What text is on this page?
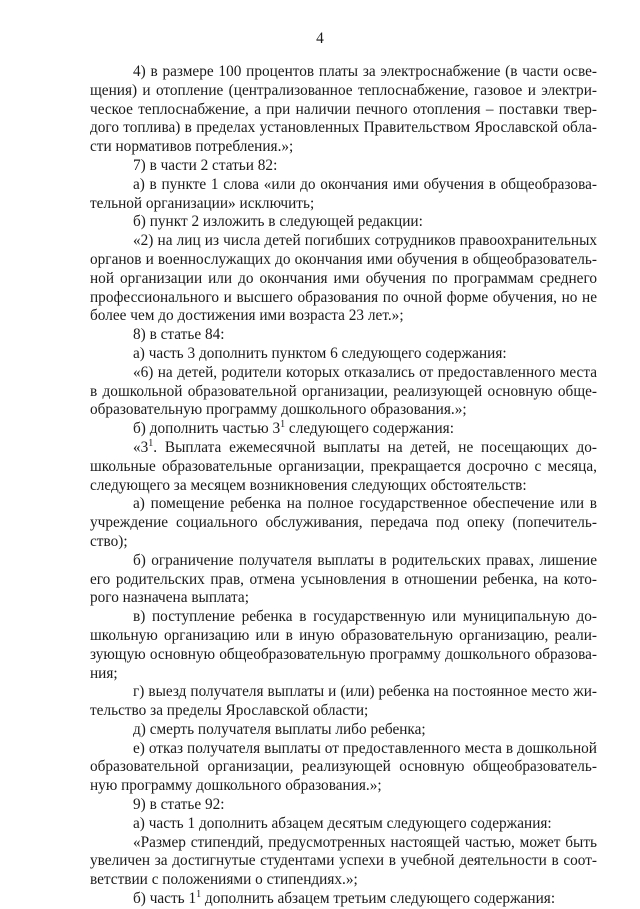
4

4) в размере 100 процентов платы за электроснабжение (в части освещения) и отопление (централизованное теплоснабжение, газовое и электрическое теплоснабжение, а при наличии печного отопления – поставки твердого топлива) в пределах установленных Правительством Ярославской области нормативов потребления.»;

7) в части 2 статьи 82:

а) в пункте 1 слова «или до окончания ими обучения в общеобразовательной организации» исключить;

б) пункт 2 изложить в следующей редакции:

«2) на лиц из числа детей погибших сотрудников правоохранительных органов и военнослужащих до окончания ими обучения в общеобразовательной организации или до окончания ими обучения по программам среднего профессионального и высшего образования по очной форме обучения, но не более чем до достижения ими возраста 23 лет.»;

8) в статье 84:

а) часть 3 дополнить пунктом 6 следующего содержания:

«6) на детей, родители которых отказались от предоставленного места в дошкольной образовательной организации, реализующей основную общеобразовательную программу дошкольного образования.»;

б) дополнить частью $3^1$ следующего содержания:

«$3^1$. Выплата ежемесячной выплаты на детей, не посещающих дошкольные образовательные организации, прекращается досрочно с месяца, следующего за месяцем возникновения следующих обстоятельств:

а) помещение ребенка на полное государственное обеспечение или в учреждение социального обслуживания, передача под опеку (попечительство);

б) ограничение получателя выплаты в родительских правах, лишение его родительских прав, отмена усыновления в отношении ребенка, на которого назначена выплата;

в) поступление ребенка в государственную или муниципальную дошкольную организацию или в иную образовательную организацию, реализующую основную общеобразовательную программу дошкольного образования;

г) выезд получателя выплаты и (или) ребенка на постоянное место жительство за пределы Ярославской области;

д) смерть получателя выплаты либо ребенка;

е) отказ получателя выплаты от предоставленного места в дошкольной образовательной организации, реализующей основную общеобразовательную программу дошкольного образования.»;

9) в статье 92:

а) часть 1 дополнить абзацем десятым следующего содержания:

«Размер стипендий, предусмотренных настоящей частью, может быть увеличен за достигнутые студентами успехи в учебной деятельности в соответствии с положениями о стипендиях.»;

б) часть $1^1$ дополнить абзацем третьим следующего содержания:
